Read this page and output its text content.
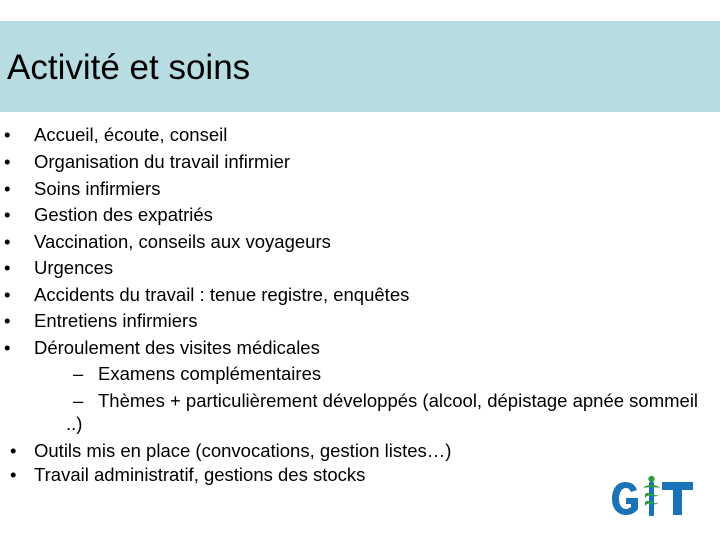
Activité et soins
• Accueil, écoute, conseil
• Organisation du travail infirmier
• Soins infirmiers
• Gestion des expatriés
• Vaccination, conseils aux voyageurs
• Urgences
• Accidents du travail : tenue registre, enquêtes
• Entretiens infirmiers
• Déroulement des visites médicales
– Examens complémentaires
– Thèmes + particulièrement développés (alcool, dépistage apnée sommeil
..)
• Outils mis en place (convocations, gestion listes…)
• Travail administratif, gestions des stocks
